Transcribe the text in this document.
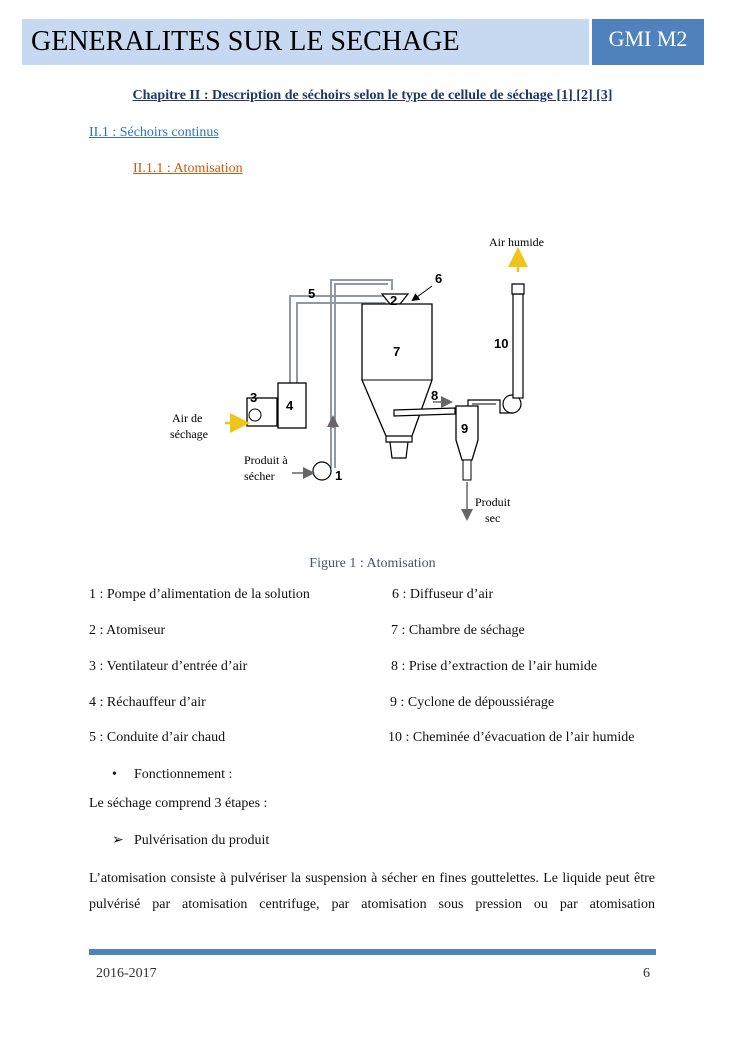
GENERALITES SUR LE SECHAGE	GMI M2
Chapitre II : Description de séchoirs selon le type de cellule de séchage [1] [2] [3]
II.1 : Séchoirs continus
II.1.1 : Atomisation
5	2
6
7
3
4
8
9
10
1
Air humide
Air de
séchage
Produit à
sécher
Produit
sec
Figure 1 : Atomisation
1 : Pompe d’alimentation de la solution
2 : Atomiseur
3 : Ventilateur d’entrée d’air
4 : Réchauffeur d’air
5 : Conduite d’air chaud
6 : Diffuseur d’air
7 : Chambre de séchage
8 : Prise d’extraction de l’air humide
9 : Cyclone de dépoussiérage
10 : Cheminée d’évacuation de l’air humide
• Fonctionnement :
Le séchage comprend 3 étapes :
➢ Pulvérisation du produit
L’atomisation consiste à pulvériser la suspension à sécher en fines gouttelettes. Le liquide peut être pulvérisé par atomisation centrifuge, par atomisation sous pression ou par atomisation
2016-2017	6
